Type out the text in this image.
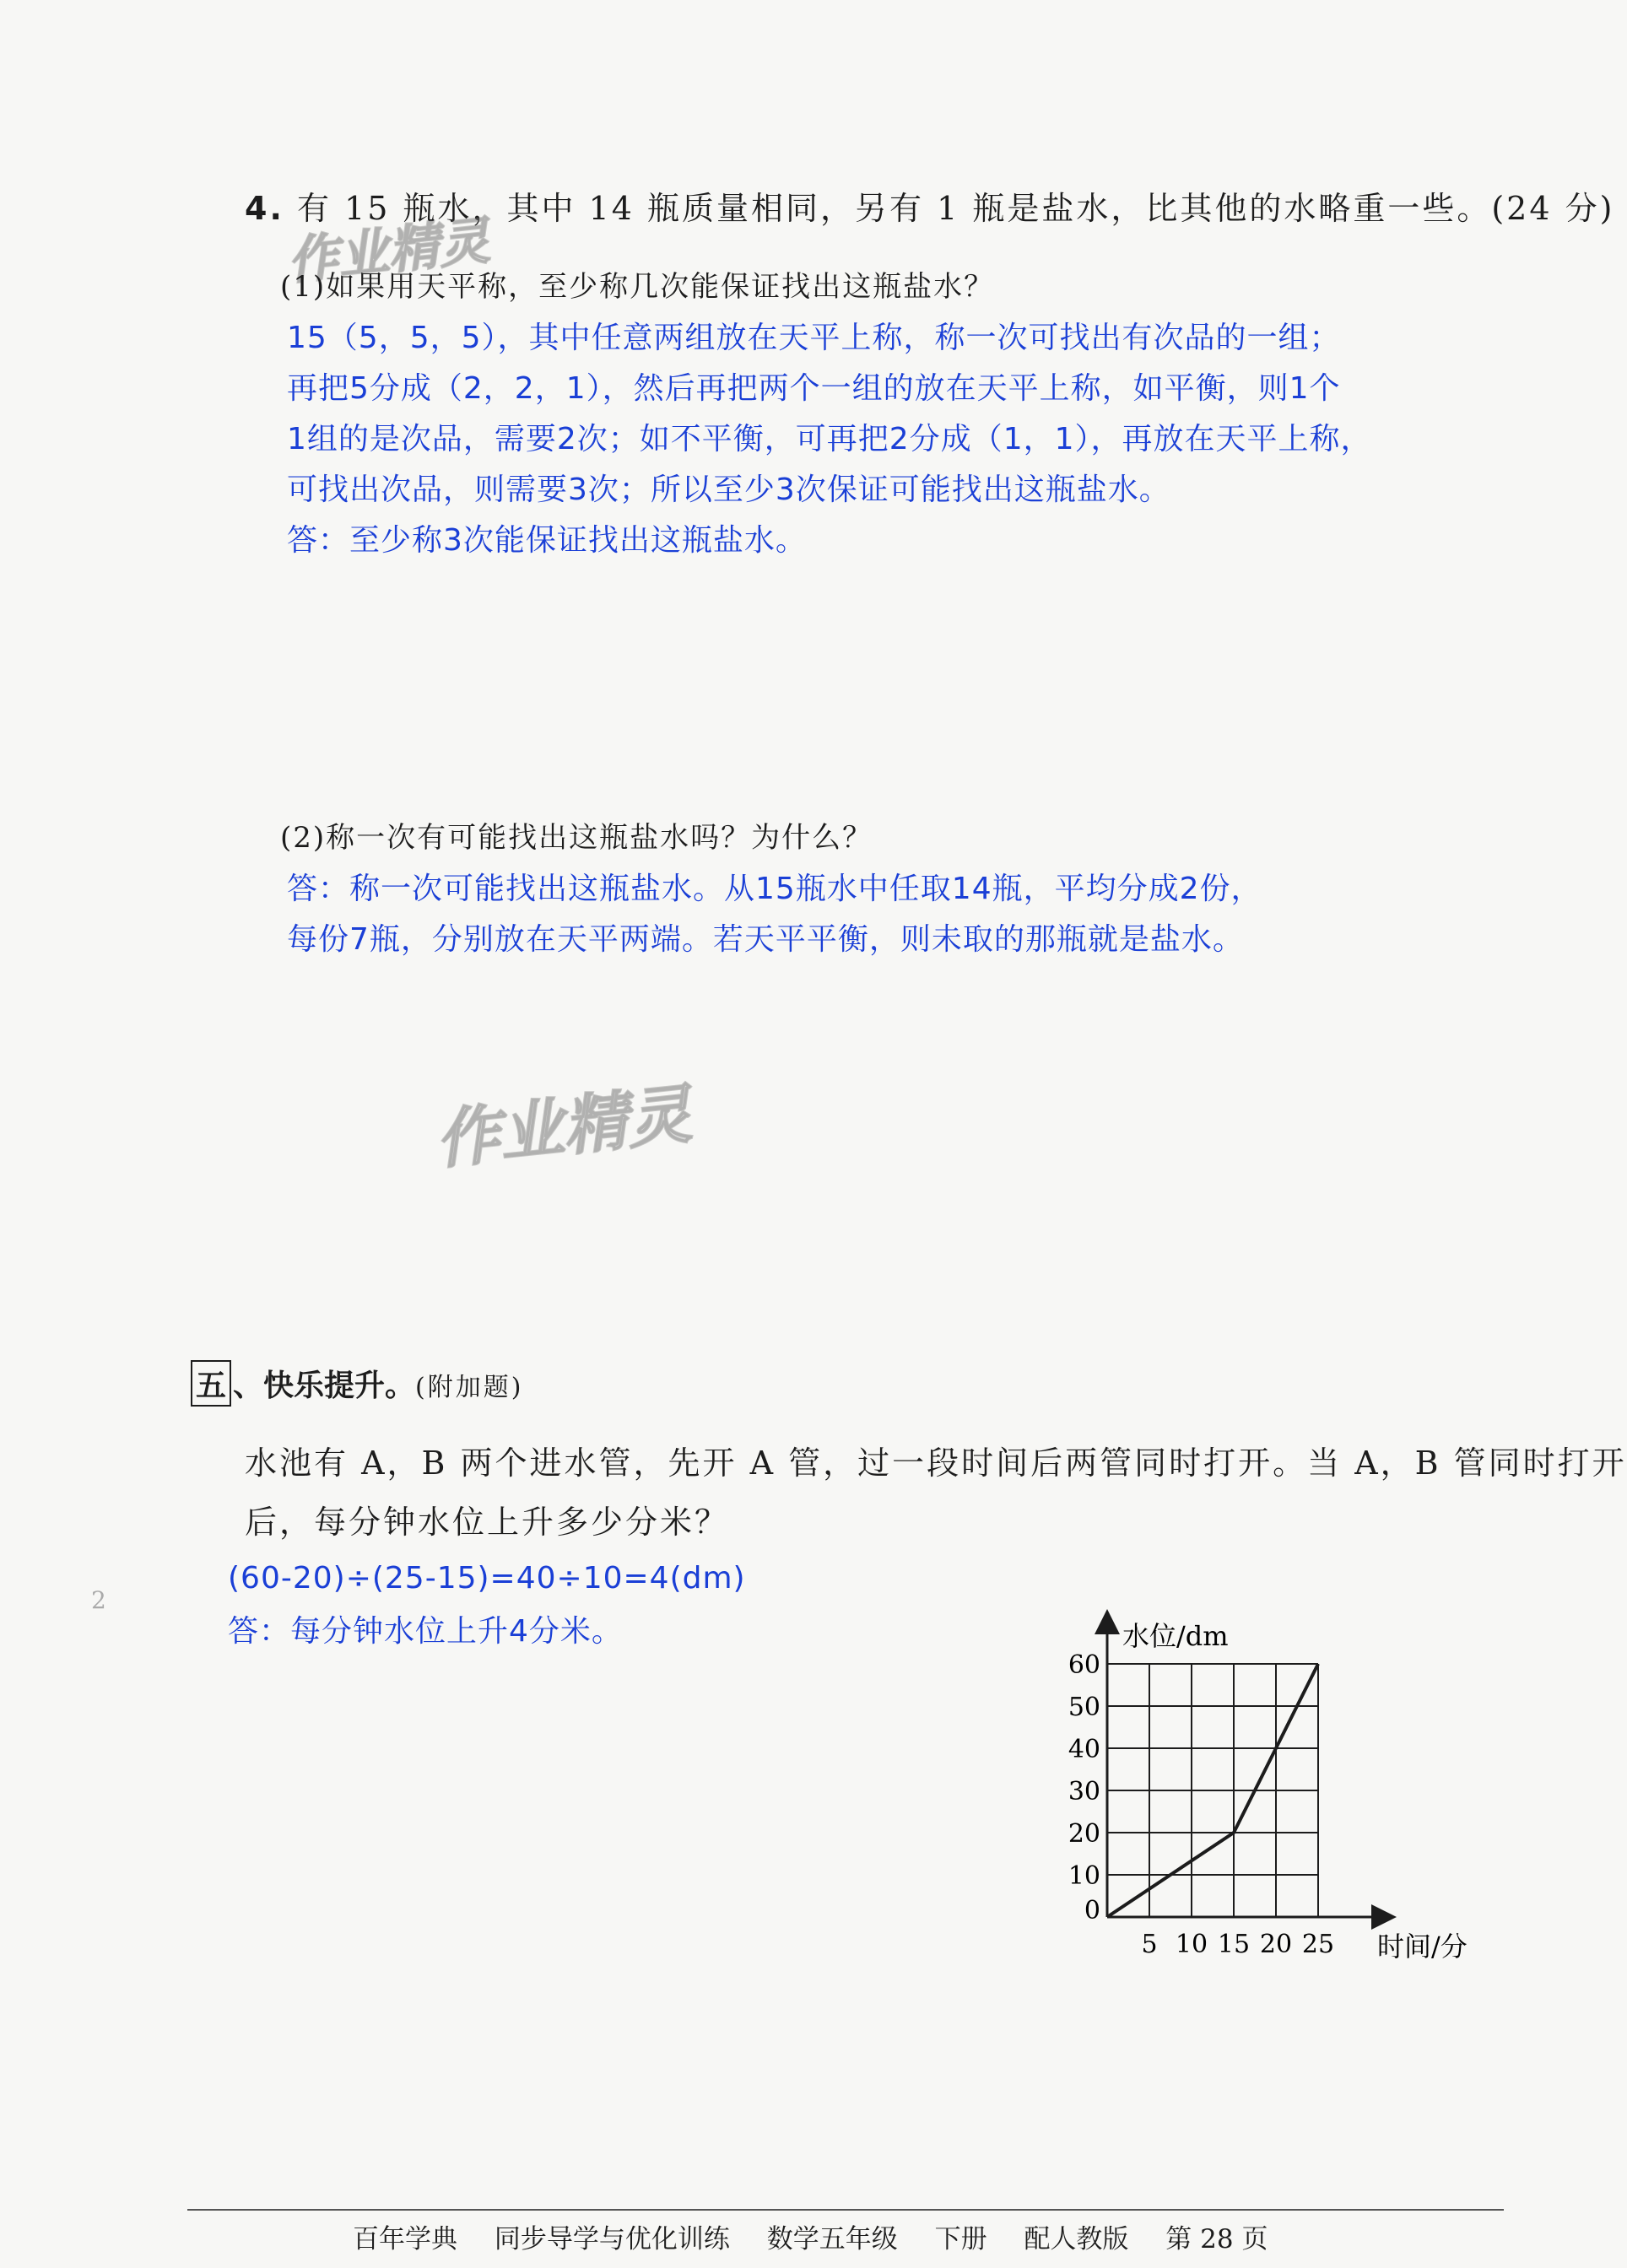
4. 有 15 瓶水，其中 14 瓶质量相同，另有 1 瓶是盐水，比其他的水略重一些。(24 分)
作业精灵
(1)如果用天平称，至少称几次能保证找出这瓶盐水？
15（5，5，5），其中任意两组放在天平上称，称一次可找出有次品的一组；
再把5分成（2，2，1），然后再把两个一组的放在天平上称，如平衡，则1个
1组的是次品，需要2次；如不平衡，可再把2分成（1，1），再放在天平上称，
可找出次品，则需要3次；所以至少3次保证可能找出这瓶盐水。
答：至少称3次能保证找出这瓶盐水。
(2)称一次有可能找出这瓶盐水吗？为什么？
答：称一次可能找出这瓶盐水。从15瓶水中任取14瓶，平均分成2份，
每份7瓶，分别放在天平两端。若天平平衡，则未取的那瓶就是盐水。
作业精灵
五 、快乐提升。(附加题)
水池有 A，B 两个进水管，先开 A 管，过一段时间后两管同时打开。当 A，B 管同时打开
后，每分钟水位上升多少分米？
(60-20)÷(25-15)=40÷10=4(dm)
答：每分钟水位上升4分米。
2
5 10 15 20 25
0
10
20
30
40
50
60
水位/dm
时间/分
百年学典 同步导学与优化训练 数学五年级 下册 配人教版 第 28 页
